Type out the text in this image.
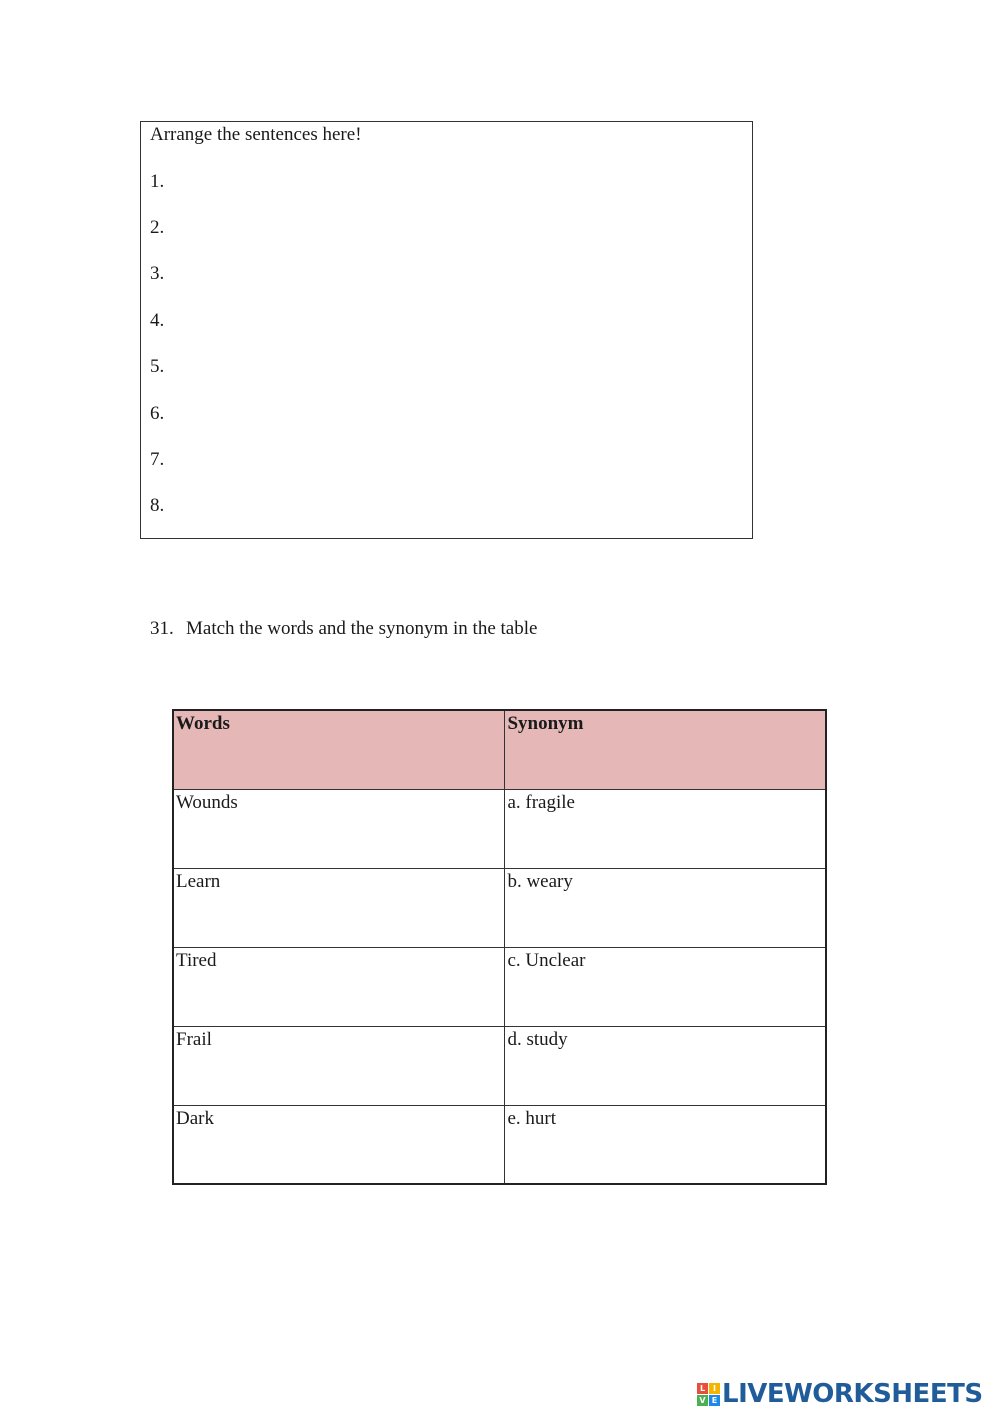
Arrange the sentences here!
1.
2.
3.
4.
5.
6.
7.
8.
31. Match the words and the synonym in the table
Words	Synonym
Wounds	a. fragile
Learn	b. weary
Tired	c. Unclear
Frail	d. study
Dark	e. hurt
L I
V E LIVEWORKSHEETS
